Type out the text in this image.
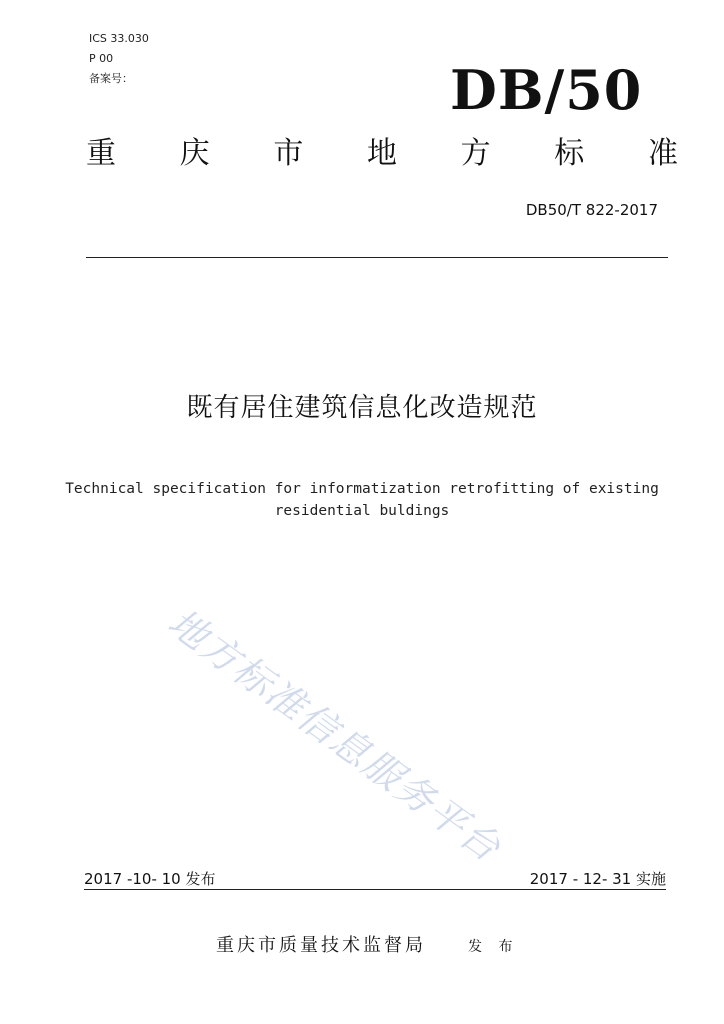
ICS 33.030
P 00
备案号：	DB/50
重 庆 市 地 方 标 准
DB50/T 822-2017
既有居住建筑信息化改造规范
Technical specification for informatization retrofitting of existing
residential buldings
地方标准信息服务平台
2017 -10- 10 发布	2017 - 12- 31 实施
重庆市质量技术监督局	发 布
